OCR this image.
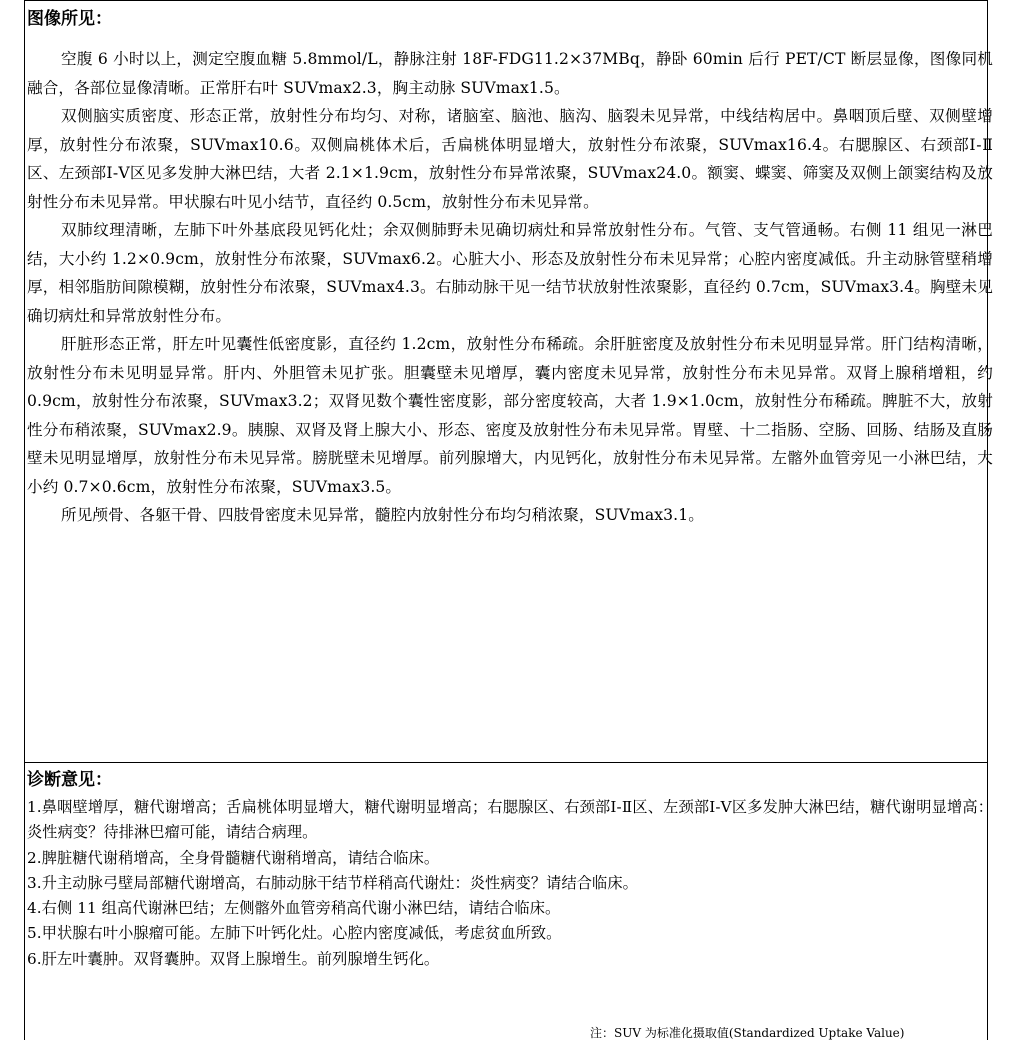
图像所见：

空腹 6 小时以上，测定空腹血糖 5.8mmol/L，静脉注射 18F-FDG11.2×37MBq，静卧 60min 后行 PET/CT 断层显像，图像同机融合，各部位显像清晰。正常肝右叶 SUVmax2.3，胸主动脉 SUVmax1.5。

双侧脑实质密度、形态正常，放射性分布均匀、对称，诸脑室、脑池、脑沟、脑裂未见异常，中线结构居中。鼻咽顶后壁、双侧壁增厚，放射性分布浓聚，SUVmax10.6。双侧扁桃体术后，舌扁桃体明显增大，放射性分布浓聚，SUVmax16.4。右腮腺区、右颈部Ⅰ-Ⅱ区、左颈部Ⅰ-Ⅴ区见多发肿大淋巴结，大者 2.1×1.9cm，放射性分布异常浓聚，SUVmax24.0。额窦、蝶窦、筛窦及双侧上颌窦结构及放射性分布未见异常。甲状腺右叶见小结节，直径约 0.5cm，放射性分布未见异常。

双肺纹理清晰，左肺下叶外基底段见钙化灶；余双侧肺野未见确切病灶和异常放射性分布。气管、支气管通畅。右侧 11 组见一淋巴结，大小约 1.2×0.9cm，放射性分布浓聚，SUVmax6.2。心脏大小、形态及放射性分布未见异常；心腔内密度减低。升主动脉管壁稍增厚，相邻脂肪间隙模糊，放射性分布浓聚，SUVmax4.3。右肺动脉干见一结节状放射性浓聚影，直径约 0.7cm，SUVmax3.4。胸壁未见确切病灶和异常放射性分布。

肝脏形态正常，肝左叶见囊性低密度影，直径约 1.2cm，放射性分布稀疏。余肝脏密度及放射性分布未见明显异常。肝门结构清晰，放射性分布未见明显异常。肝内、外胆管未见扩张。胆囊壁未见增厚，囊内密度未见异常，放射性分布未见异常。双肾上腺稍增粗，约 0.9cm，放射性分布浓聚，SUVmax3.2；双肾见数个囊性密度影，部分密度较高，大者 1.9×1.0cm，放射性分布稀疏。脾脏不大，放射性分布稍浓聚，SUVmax2.9。胰腺、双肾及肾上腺大小、形态、密度及放射性分布未见异常。胃壁、十二指肠、空肠、回肠、结肠及直肠壁未见明显增厚，放射性分布未见异常。膀胱壁未见增厚。前列腺增大，内见钙化，放射性分布未见异常。左髂外血管旁见一小淋巴结，大小约 0.7×0.6cm，放射性分布浓聚，SUVmax3.5。

所见颅骨、各躯干骨、四肢骨密度未见异常，髓腔内放射性分布均匀稍浓聚，SUVmax3.1。

诊断意见：

1.鼻咽壁增厚，糖代谢增高；舌扁桃体明显增大，糖代谢明显增高；右腮腺区、右颈部Ⅰ-Ⅱ区、左颈部Ⅰ-Ⅴ区多发肿大淋巴结，糖代谢明显增高：炎性病变？待排淋巴瘤可能，请结合病理。

2.脾脏糖代谢稍增高，全身骨髓糖代谢稍增高，请结合临床。

3.升主动脉弓壁局部糖代谢增高，右肺动脉干结节样稍高代谢灶：炎性病变？请结合临床。

4.右侧 11 组高代谢淋巴结；左侧髂外血管旁稍高代谢小淋巴结，请结合临床。

5.甲状腺右叶小腺瘤可能。左肺下叶钙化灶。心腔内密度减低，考虑贫血所致。

6.肝左叶囊肿。双肾囊肿。双肾上腺增生。前列腺增生钙化。

注：SUV 为标准化摄取值(Standardized Uptake Value)
